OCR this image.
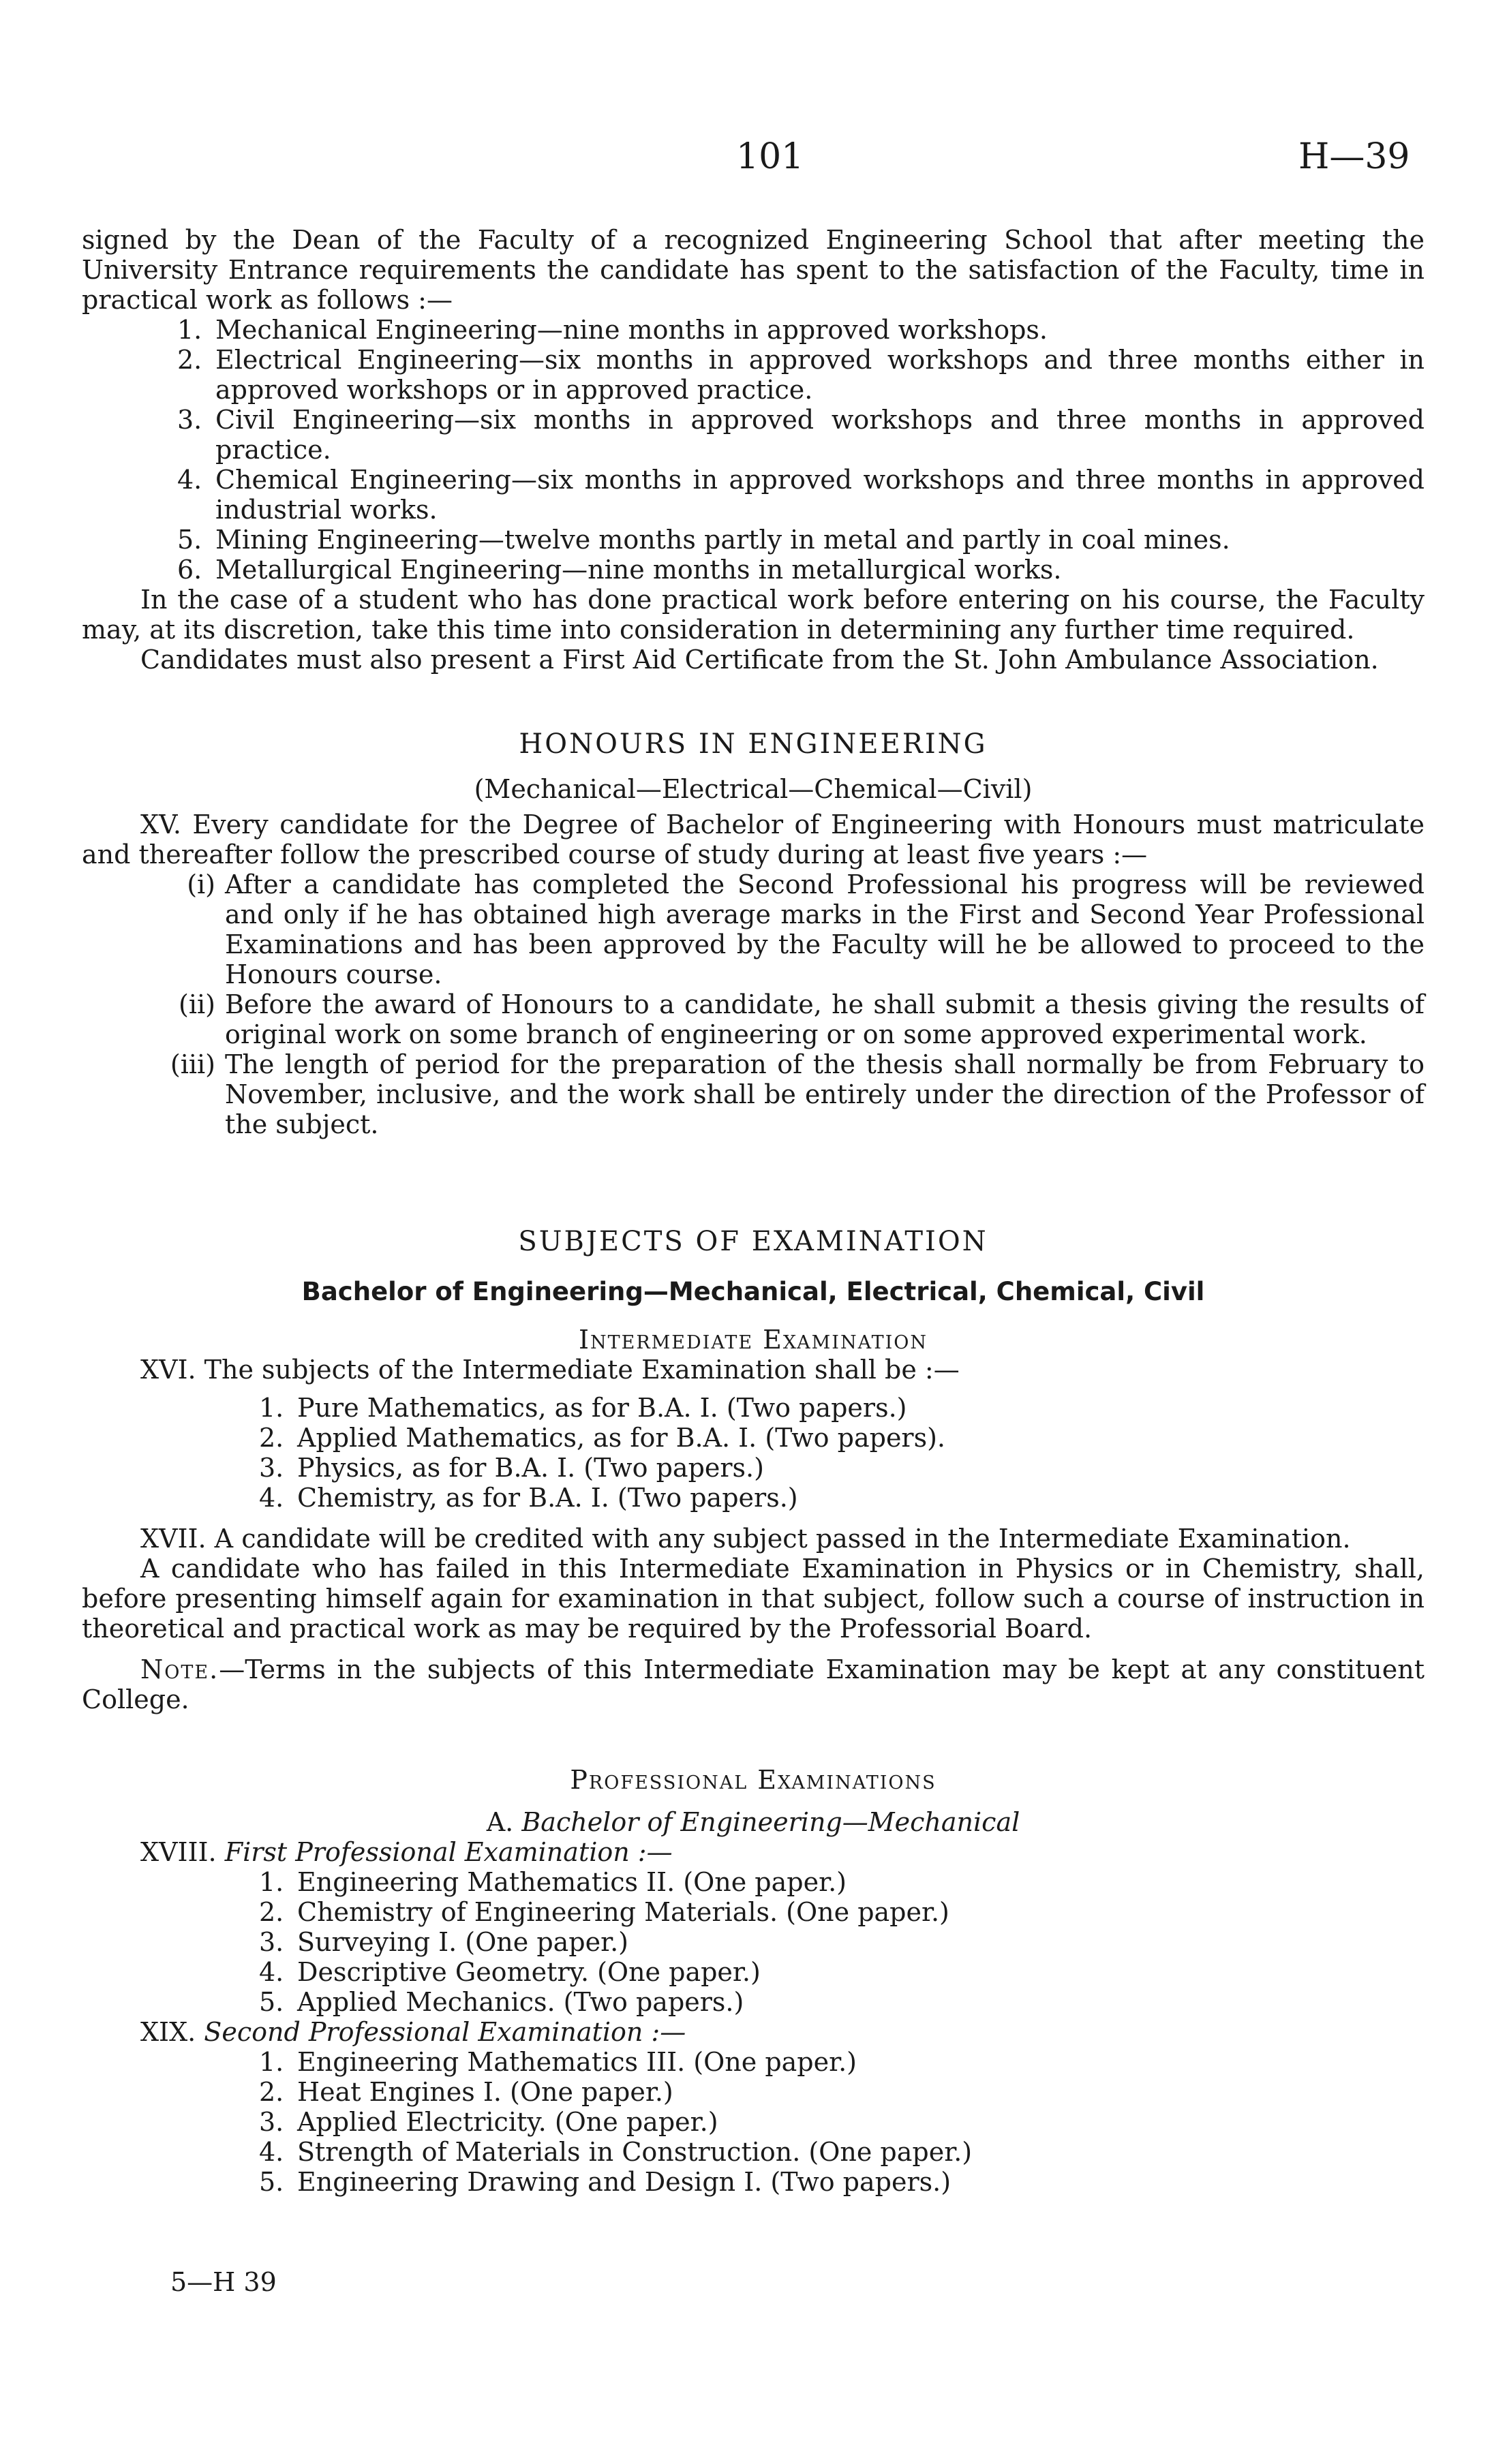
101	H—39

signed by the Dean of the Faculty of a recognized Engineering School that after meeting the University Entrance requirements the candidate has spent to the satisfaction of the Faculty, time in practical work as follows :—

1. Mechanical Engineering—nine months in approved workshops.
2. Electrical Engineering—six months in approved workshops and three months either in approved workshops or in approved practice.
3. Civil Engineering—six months in approved workshops and three months in approved practice.
4. Chemical Engineering—six months in approved workshops and three months in approved industrial works.
5. Mining Engineering—twelve months partly in metal and partly in coal mines.
6. Metallurgical Engineering—nine months in metallurgical works.

In the case of a student who has done practical work before entering on his course, the Faculty may, at its discretion, take this time into consideration in determining any further time required.

Candidates must also present a First Aid Certificate from the St. John Ambulance Association.

HONOURS IN ENGINEERING

(Mechanical—Electrical—Chemical—Civil)

XV. Every candidate for the Degree of Bachelor of Engineering with Honours must matriculate and thereafter follow the prescribed course of study during at least five years :—

(i) After a candidate has completed the Second Professional his progress will be reviewed and only if he has obtained high average marks in the First and Second Year Professional Examinations and has been approved by the Faculty will he be allowed to proceed to the Honours course.
(ii) Before the award of Honours to a candidate, he shall submit a thesis giving the results of original work on some branch of engineering or on some approved experimental work.
(iii) The length of period for the preparation of the thesis shall normally be from February to November, inclusive, and the work shall be entirely under the direction of the Professor of the subject.

SUBJECTS OF EXAMINATION

Bachelor of Engineering—Mechanical, Electrical, Chemical, Civil

Intermediate Examination

XVI. The subjects of the Intermediate Examination shall be :—

1. Pure Mathematics, as for B.A. I. (Two papers.)
2. Applied Mathematics, as for B.A. I. (Two papers).
3. Physics, as for B.A. I. (Two papers.)
4. Chemistry, as for B.A. I. (Two papers.)

XVII. A candidate will be credited with any subject passed in the Intermediate Examination.

A candidate who has failed in this Intermediate Examination in Physics or in Chemistry, shall, before presenting himself again for examination in that subject, follow such a course of instruction in theoretical and practical work as may be required by the Professorial Board.

Note.—Terms in the subjects of this Intermediate Examination may be kept at any constituent College.

Professional Examinations

A. Bachelor of Engineering—Mechanical

XVIII. First Professional Examination :—

1. Engineering Mathematics II. (One paper.)
2. Chemistry of Engineering Materials. (One paper.)
3. Surveying I. (One paper.)
4. Descriptive Geometry. (One paper.)
5. Applied Mechanics. (Two papers.)

XIX. Second Professional Examination :—

1. Engineering Mathematics III. (One paper.)
2. Heat Engines I. (One paper.)
3. Applied Electricity. (One paper.)
4. Strength of Materials in Construction. (One paper.)
5. Engineering Drawing and Design I. (Two papers.)
5—H 39
